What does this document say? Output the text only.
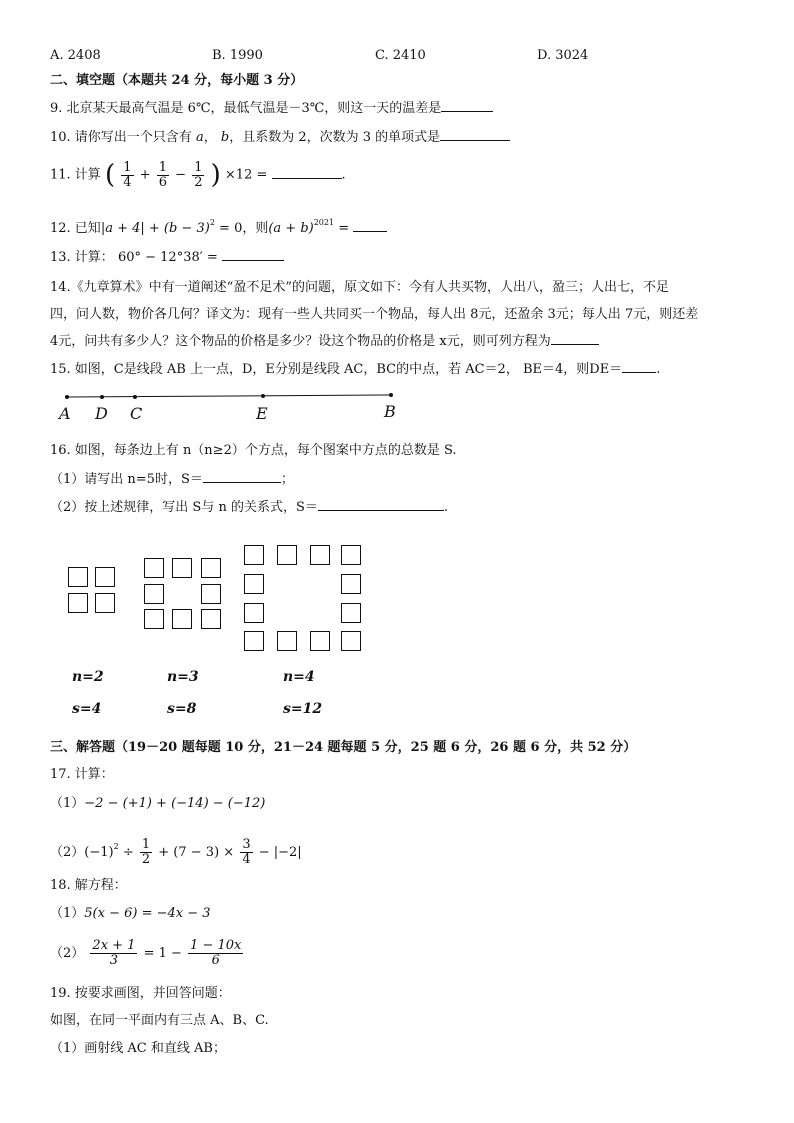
A. 2408	B. 1990	C. 2410	D. 3024
二、填空题（本题共 24 分，每小题 3 分）
9. 北京某天最高气温是 6℃，最低气温是－3℃，则这一天的温差是
10. 请你写出一个只含有 a， b，且系数为 2，次数为 3 的单项式是
11. 计算 ( $\frac{1}{4} + \frac{1}{6} - \frac{1}{2}$ ) ×12 =	.
12. 已知$|a + 4| + (b - 3)^2 = 0$，则$(a + b)^{2021}$ =
13. 计算： 60° − 12°38′ =
14.《九章算术》中有一道阐述“盈不足术”的问题，原文如下：今有人共买物，人出八，盈三；人出七，不足
四，问人数，物价各几何？译文为：现有一些人共同买一个物品，每人出 8元，还盈余 3元；每人出 7元，则还差
4元，问共有多少人？这个物品的价格是多少？设这个物品的价格是 x元，则可列方程为
15. 如图，C是线段 AB 上一点，D，E分别是线段 AC，BC的中点，若 AC＝2， BE＝4，则DE＝	.
A D C	E	B
16. 如图，每条边上有 n（n≥2）个方点，每个图案中方点的总数是 S.
（1）请写出 n=5时，S＝	；
（2）按上述规律，写出 S与 n 的关系式，S＝	.
n=2	n=3	n=4
s=4	s=8	s=12
三、解答题（19－20 题每题 10 分，21－24 题每题 5 分，25 题 6 分，26 题 6 分，共 52 分）
17. 计算：
（1）−2 − (+1) + (−14) − (−12)
$(2)(-1)^2 \div \frac{1}{2} + (7 - 3) \times \frac{3}{4} - |-2|$
18. 解方程：
（1）5(x − 6) = −4x − 3
$(2) \frac{2x + 1}{3} = 1 - \frac{1 - 10x}{6}$
19. 按要求画图，并回答问题：
如图，在同一平面内有三点 A、B、C.
（1）画射线 AC 和直线 AB；
